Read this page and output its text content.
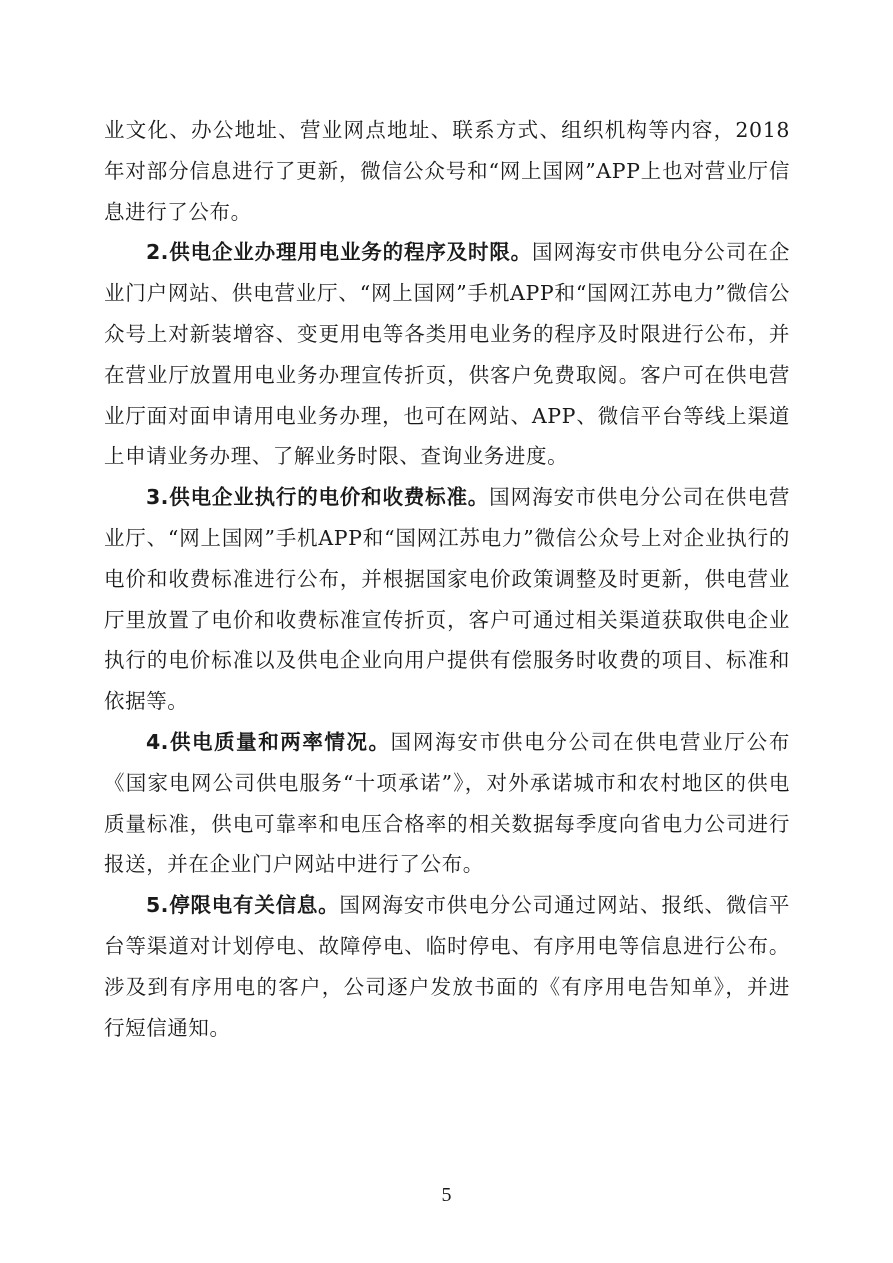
业文化、办公地址、营业网点地址、联系方式、组织机构等内容，2018年对部分信息进行了更新，微信公众号和“网上国网”APP上也对营业厅信息进行了公布。

2.供电企业办理用电业务的程序及时限。国网海安市供电分公司在企业门户网站、供电营业厅、“网上国网”手机APP和“国网江苏电力”微信公众号上对新装增容、变更用电等各类用电业务的程序及时限进行公布，并在营业厅放置用电业务办理宣传折页，供客户免费取阅。客户可在供电营业厅面对面申请用电业务办理，也可在网站、APP、微信平台等线上渠道上申请业务办理、了解业务时限、查询业务进度。

3.供电企业执行的电价和收费标准。国网海安市供电分公司在供电营业厅、“网上国网”手机APP和“国网江苏电力”微信公众号上对企业执行的电价和收费标准进行公布，并根据国家电价政策调整及时更新，供电营业厅里放置了电价和收费标准宣传折页，客户可通过相关渠道获取供电企业执行的电价标准以及供电企业向用户提供有偿服务时收费的项目、标准和依据等。

4.供电质量和两率情况。国网海安市供电分公司在供电营业厅公布《国家电网公司供电服务“十项承诺”》，对外承诺城市和农村地区的供电质量标准，供电可靠率和电压合格率的相关数据每季度向省电力公司进行报送，并在企业门户网站中进行了公布。

5.停限电有关信息。国网海安市供电分公司通过网站、报纸、微信平台等渠道对计划停电、故障停电、临时停电、有序用电等信息进行公布。涉及到有序用电的客户，公司逐户发放书面的《有序用电告知单》，并进行短信通知。

5
